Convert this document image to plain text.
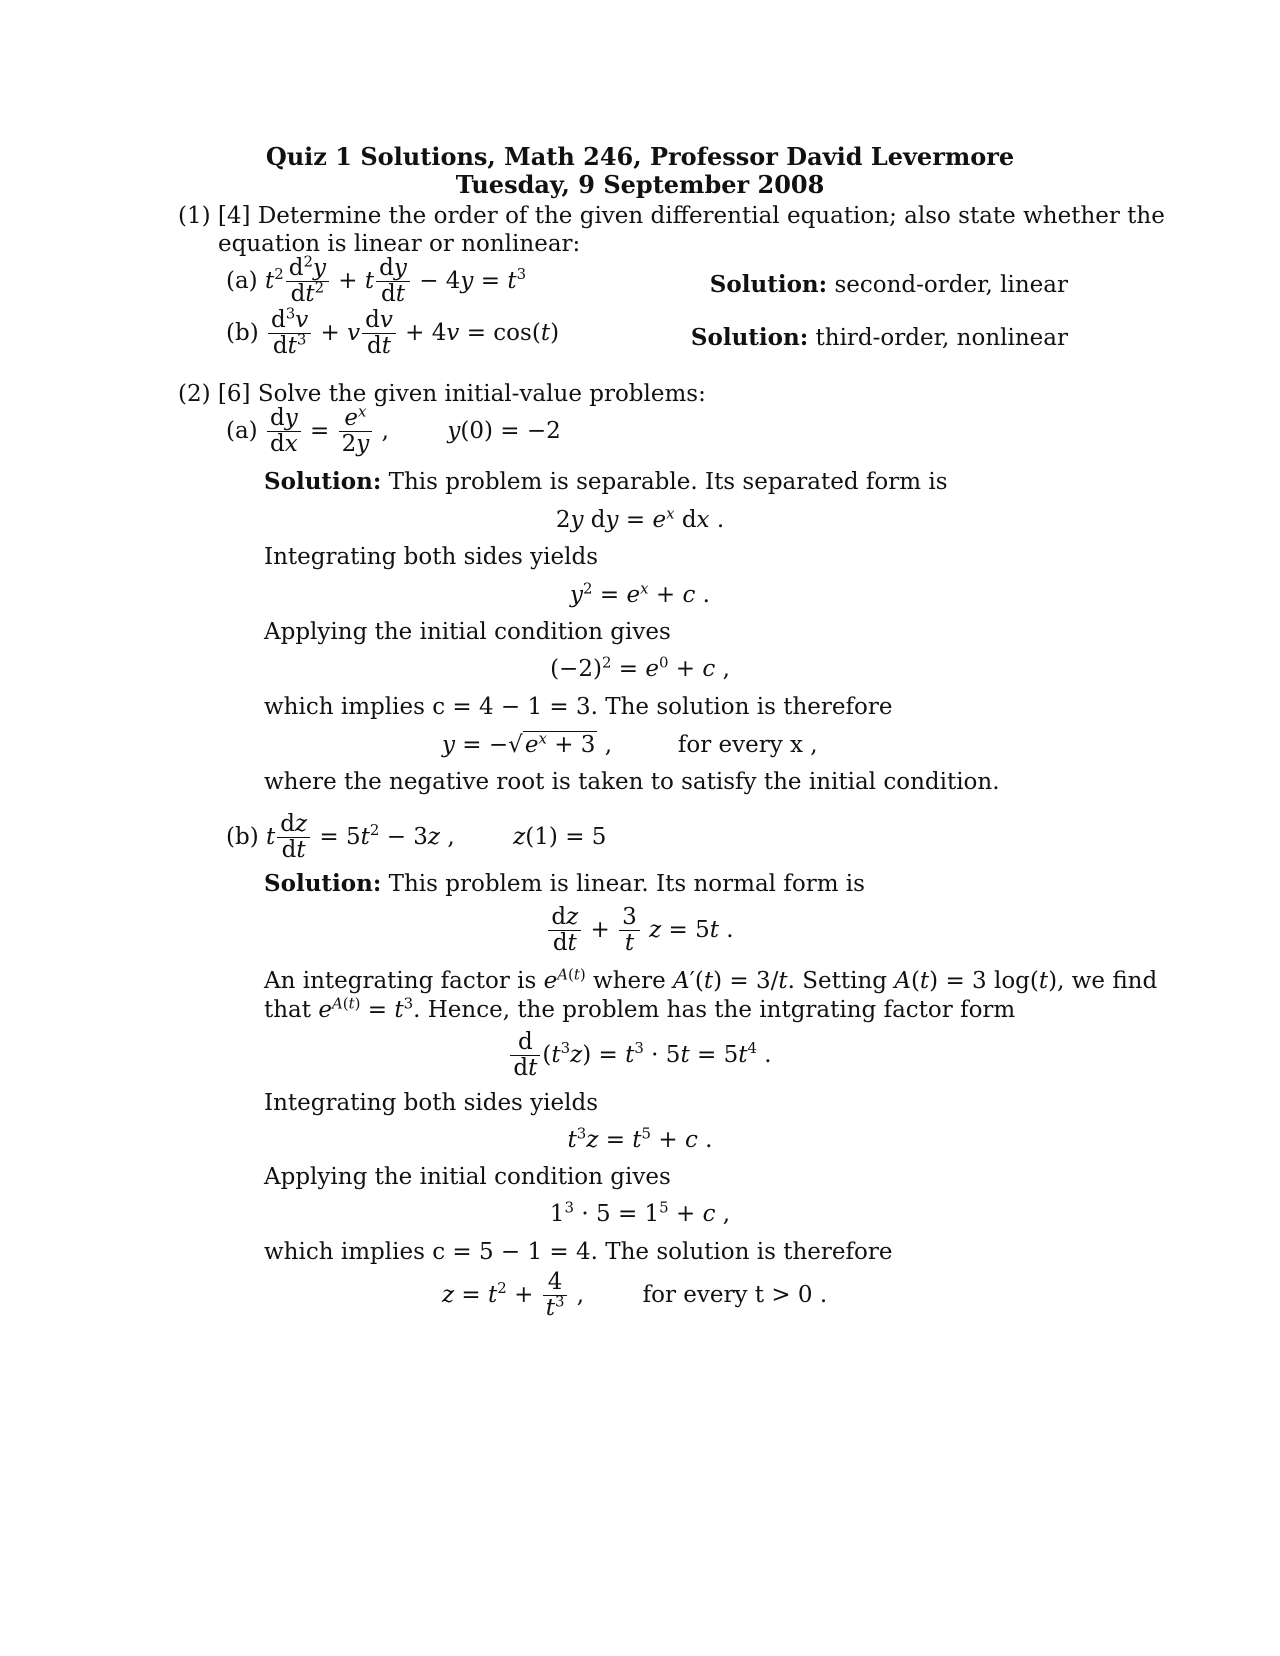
Quiz 1 Solutions, Math 246, Professor David Levermore
Tuesday, 9 September 2008
(1) [4] Determine the order of the given differential equation; also state whether the
equation is linear or nonlinear:
(a) $t^2 \frac{d^2y}{dt^2} + t \frac{dy}{dt} - 4y = t^3$	Solution: second-order, linear
$(b) \frac{d^3v}{dt^3} + v \frac{dv}{dt} + 4v = \cos(t)$	Solution: third-order, nonlinear
(2) [6] Solve the given initial-value problems:
$(a) \frac{dy}{dx} = \frac{e^x}{2y}$ ,        y(0) = −2
Solution: This problem is separable. Its separated form is
2y dy = $e^x$ dx .
Integrating both sides yields
$y^2 = e^x + c$ .
Applying the initial condition gives
$(-2)^2 = e^0 + c$ ,
which implies c = 4 − 1 = 3. The solution is therefore
$y = -√e^x + 3$ ,         for every x ,
where the negative root is taken to satisfy the initial condition.
(b) t $\frac{dz}{dt} = 5t^2 - 3z$ ,        z(1) = 5
Solution: This problem is linear. Its normal form is
$\frac{dz}{dt} + \frac{3}{t}$ z = 5t .
An integrating factor is $e^{A(t)}$ where A′(t) = 3/t. Setting A(t) = 3 log(t), we find
that $e^{A(t)} = t^3$. Hence, the problem has the intgrating factor form
$\frac{d}{dt} (t^3z) = t^3 \cdot 5t = 5t^4$ .
Integrating both sides yields
$t^3z = t^5 + c$ .
Applying the initial condition gives
$1^3 \cdot 5 = 1^5 + c$ ,
which implies c = 5 − 1 = 4. The solution is therefore
$z = t^2 + \frac{4}{t^3}$ ,        for every t > 0 .
